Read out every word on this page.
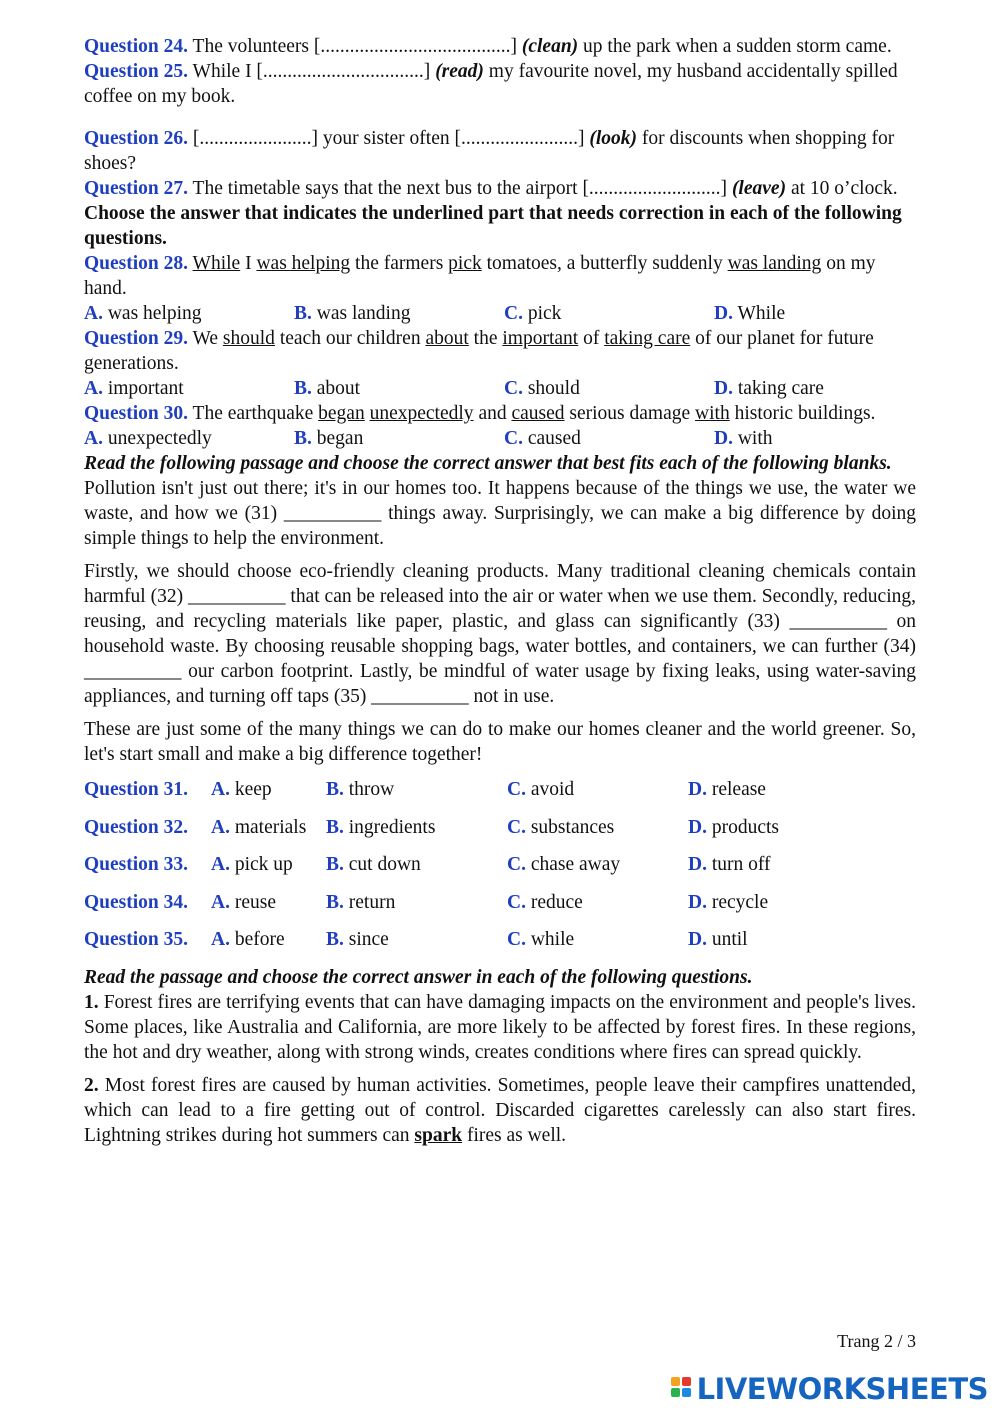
Question 24. The volunteers [.......................................] (clean) up the park when a sudden storm came.

Question 25. While I [.................................] (read) my favourite novel, my husband accidentally spilled coffee on my book.

Question 26. [.......................] your sister often [........................] (look) for discounts when shopping for shoes?

Question 27. The timetable says that the next bus to the airport [...........................] (leave) at 10 o’clock.

Choose the answer that indicates the underlined part that needs correction in each of the following questions.

Question 28. While I was helping the farmers pick tomatoes, a butterfly suddenly was landing on my hand.

A. was helping	B. was landing	C. pick	D. While

Question 29. We should teach our children about the important of taking care of our planet for future generations.

A. important	B. about	C. should	D. taking care

Question 30. The earthquake began unexpectedly and caused serious damage with historic buildings.

A. unexpectedly	B. began	C. caused	D. with

Read the following passage and choose the correct answer that best fits each of the following blanks.

Pollution isn't just out there; it's in our homes too. It happens because of the things we use, the water we waste, and how we (31) __________ things away. Surprisingly, we can make a big difference by doing simple things to help the environment.

Firstly, we should choose eco-friendly cleaning products. Many traditional cleaning chemicals contain harmful (32) __________ that can be released into the air or water when we use them. Secondly, reducing, reusing, and recycling materials like paper, plastic, and glass can significantly (33) __________ on household waste. By choosing reusable shopping bags, water bottles, and containers, we can further (34) __________ our carbon footprint. Lastly, be mindful of water usage by fixing leaks, using water-saving appliances, and turning off taps (35) __________ not in use.

These are just some of the many things we can do to make our homes cleaner and the world greener. So, let's start small and make a big difference together!

Question 31.	A. keep	B. throw	C. avoid	D. release
Question 32.	A. materials	B. ingredients	C. substances	D. products
Question 33.	A. pick up	B. cut down	C. chase away	D. turn off
Question 34.	A. reuse	B. return	C. reduce	D. recycle
Question 35.	A. before	B. since	C. while	D. until

Read the passage and choose the correct answer in each of the following questions.

1. Forest fires are terrifying events that can have damaging impacts on the environment and people's lives. Some places, like Australia and California, are more likely to be affected by forest fires. In these regions, the hot and dry weather, along with strong winds, creates conditions where fires can spread quickly.

2. Most forest fires are caused by human activities. Sometimes, people leave their campfires unattended, which can lead to a fire getting out of control. Discarded cigarettes carelessly can also start fires. Lightning strikes during hot summers can spark fires as well.

Trang 2 / 3
LIVEWORKSHEETS
